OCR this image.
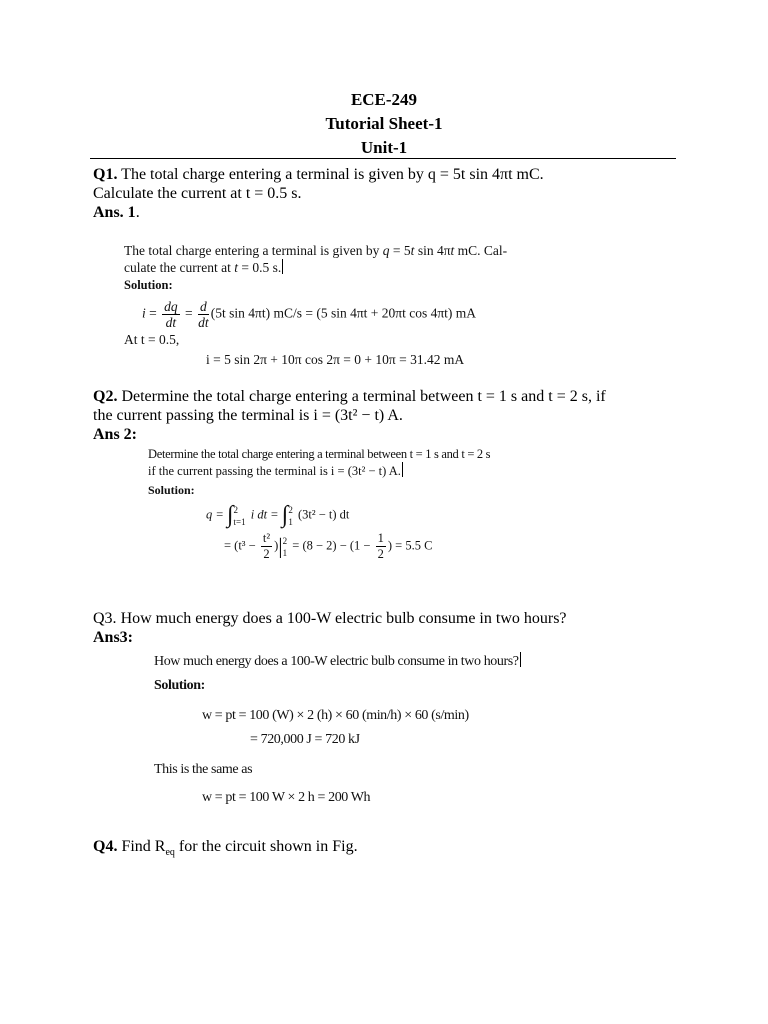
ECE-249
Tutorial Sheet-1
Unit-1
Q1. The total charge entering a terminal is given by q = 5t sin 4πt mC.
Calculate the current at t = 0.5 s.
Ans. 1.
The total charge entering a terminal is given by q = 5t sin 4πt mC. Cal-
culate the current at t = 0.5 s.
Solution:
$i = \frac{dq}{dt} = \frac{d}{dt} (5t$ sin 4πt) mC/s = (5 sin 4πt + 20πt cos 4πt) mA
At t = 0.5,
i = 5 sin 2π + 10π cos 2π = 0 + 10π = 31.42 mA
Q2. Determine the total charge entering a terminal between t = 1 s and t = 2 s, if
the current passing the terminal is i = (3t² − t) A.
Ans 2:
Determine the total charge entering a terminal between t = 1 s and t = 2 s
if the current passing the terminal is i = (3t² − t) A.
Solution:
q = ∫2
t=1 i dt = ∫2
1 (3t² − t) dt
= $(t^3 - \frac{\text{t²}}{2} )|2$
$1 = (8 - 2) - (1 - \frac{1}{2}$ ) = 5.5 C
Q3. How much energy does a 100-W electric bulb consume in two hours?
Ans3:
How much energy does a 100-W electric bulb consume in two hours?
Solution:
w = pt = 100 (W) × 2 (h) × 60 (min/h) × 60 (s/min)
= 720,000 J = 720 kJ
This is the same as
w = pt = 100 W × 2 h = 200 Wh
Q4. Find $R_{eq}$ for the circuit shown in Fig.
